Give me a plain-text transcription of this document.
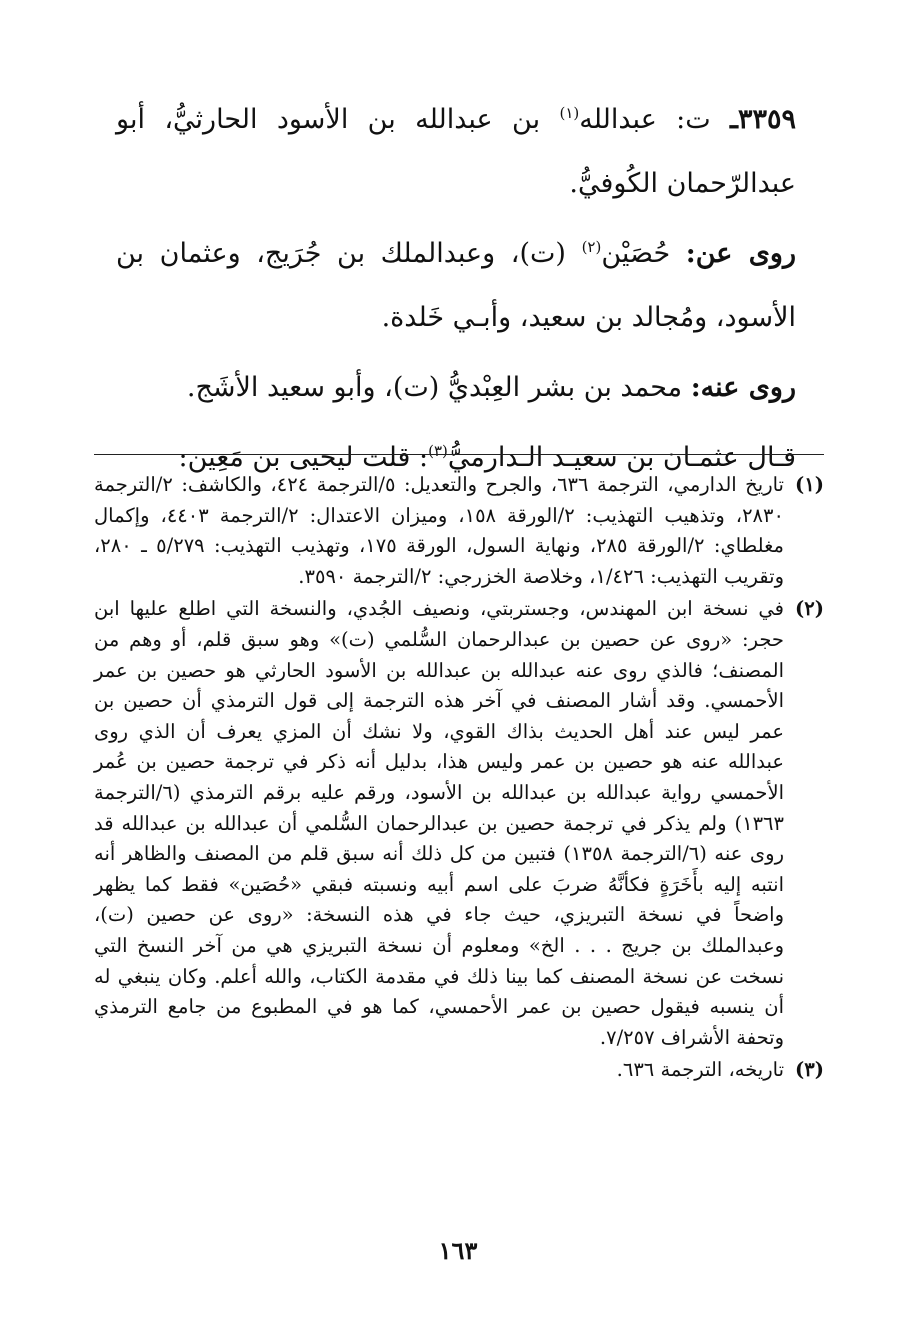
٣٣٥٩ـ ت: عبدالله$^{(١)}$ بن عبدالله بن الأسود الحارثيُّ، أبو عبدالرّحمان الكُوفيُّ.

روى عن: حُصَيْن$^{(٢)}$ (ت)، وعبدالملك بن جُرَيج، وعثمان بن الأسود، ومُجالد بن سعيد، وأبـي خَلدة.

روى عنه: محمد بن بشر العِبْديُّ (ت)، وأبو سعيد الأشَج.

قـال عثمـان بن سعيـد الـدارميُّ$^{(٣)}$: قلت ليحيى بن مَعِين:

(١)
تاريخ الدارمي، الترجمة ٦٣٦، والجرح والتعديل: ٥/الترجمة ٤٢٤، والكاشف: ٢/الترجمة ٢٨٣٠، وتذهيب التهذيب: ٢/الورقة ١٥٨، وميزان الاعتدال: ٢/الترجمة ٤٤٠٣، وإكمال مغلطاي: ٢/الورقة ٢٨٥، ونهاية السول، الورقة ١٧٥، وتهذيب التهذيب: ٥/٢٧٩ ـ ٢٨٠، وتقريب التهذيب: ١/٤٢٦، وخلاصة الخزرجي: ٢/الترجمة ٣٥٩٠.
(٢)
في نسخة ابن المهندس، وجستربتي، ونصيف الجُدي، والنسخة التي اطلع عليها ابن حجر: «روى عن حصين بن عبدالرحمان السُّلمي (ت)» وهو سبق قلم، أو وهم من المصنف؛ فالذي روى عنه عبدالله بن عبدالله بن الأسود الحارثي هو حصين بن عمر الأحمسي. وقد أشار المصنف في آخر هذه الترجمة إلى قول الترمذي أن حصين بن عمر ليس عند أهل الحديث بذاك القوي، ولا نشك أن المزي يعرف أن الذي روى عبدالله عنه هو حصين بن عمر وليس هذا، بدليل أنه ذكر في ترجمة حصين بن عُمر الأحمسي رواية عبدالله بن عبدالله بن الأسود، ورقم عليه برقم الترمذي (٦/الترجمة ١٣٦٣) ولم يذكر في ترجمة حصين بن عبدالرحمان السُّلمي أن عبدالله بن عبدالله قد روى عنه (٦/الترجمة ١٣٥٨) فتبين من كل ذلك أنه سبق قلم من المصنف والظاهر أنه انتبه إليه بأَخَرَةٍ فكأنَّهُ ضربَ على اسم أبيه ونسبته فبقي «حُصَين» فقط كما يظهر واضحاً في نسخة التبريزي، حيث جاء في هذه النسخة: «روى عن حصين (ت)، وعبدالملك بن جريج . . . الخ» ومعلوم أن نسخة التبريزي هي من آخر النسخ التي نسخت عن نسخة المصنف كما بينا ذلك في مقدمة الكتاب، والله أعلم. وكان ينبغي له أن ينسبه فيقول حصين بن عمر الأحمسي، كما هو في المطبوع من جامع الترمذي وتحفة الأشراف ٧/٢٥٧.
(٣)
تاريخه، الترجمة ٦٣٦.
١٦٣
